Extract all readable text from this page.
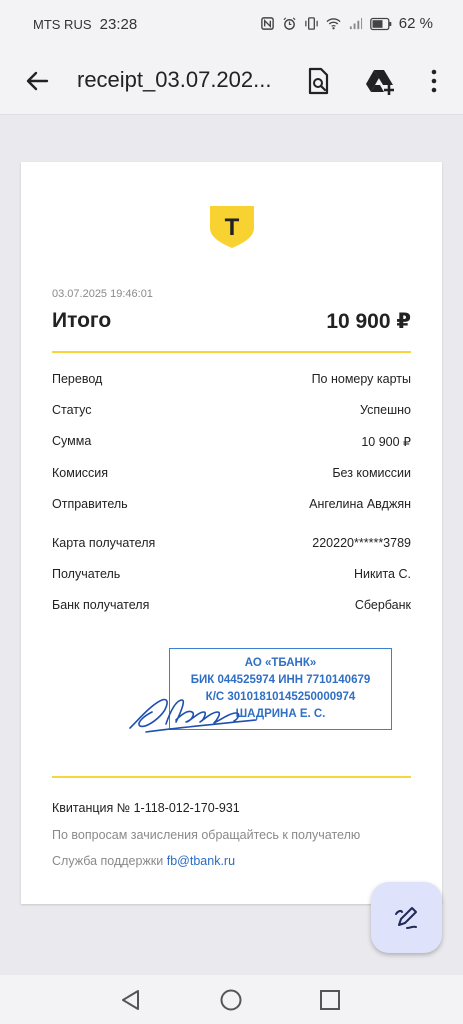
MTS RUS 23:28	62 %
receipt_03.07.202...
T
03.07.2025 19:46:01
Итого	10 900 ₽
Перевод	По номеру карты
Статус	Успешно
Сумма	10 900 ₽
Комиссия	Без комиссии
Отправитель	Ангелина Авджян
Карта получателя	220220******3789
Получатель	Никита С.
Банк получателя	Сбербанк
АО «ТБАНК»
БИК 044525974 ИНН 7710140679
К/С 30101810145250000974
ШАДРИНА Е. С.
Квитанция № 1-118-012-170-931
По вопросам зачисления обращайтесь к получателю
Служба поддержки fb@tbank.ru
